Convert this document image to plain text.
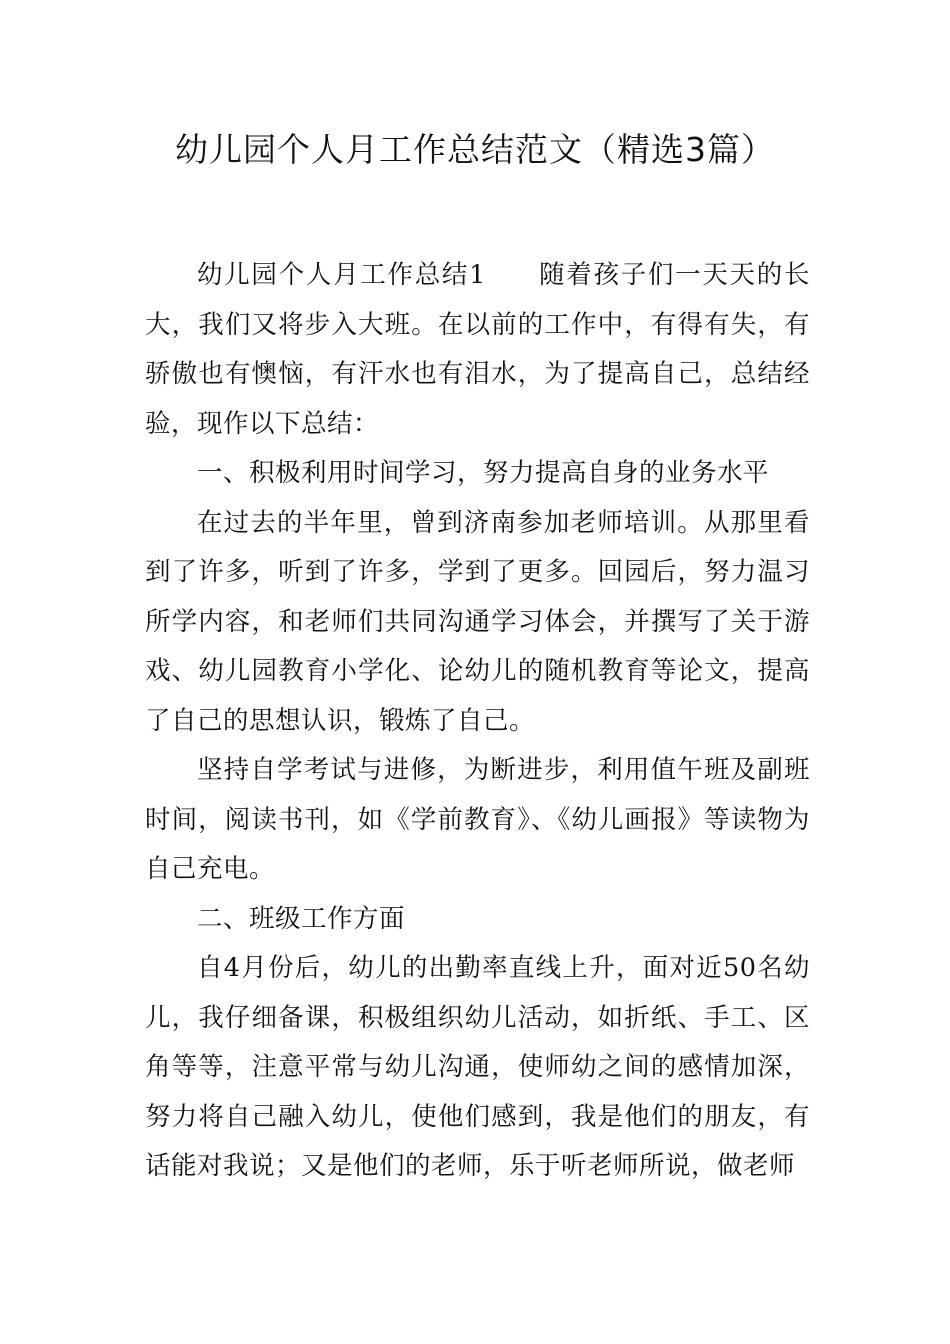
幼儿园个人月工作总结范文（精选3篇）

幼儿园个人月工作总结1 随着孩子们一天天的长大，我们又将步入大班。在以前的工作中，有得有失，有骄傲也有懊恼，有汗水也有泪水，为了提高自己，总结经验，现作以下总结：

一、积极利用时间学习，努力提高自身的业务水平

在过去的半年里，曾到济南参加老师培训。从那里看到了许多，听到了许多，学到了更多。回园后，努力温习所学内容，和老师们共同沟通学习体会，并撰写了关于游戏、幼儿园教育小学化、论幼儿的随机教育等论文，提高了自己的思想认识，锻炼了自己。

坚持自学考试与进修，为断进步，利用值午班及副班时间，阅读书刊，如《学前教育》、《幼儿画报》等读物为自己充电。

二、班级工作方面

自4月份后，幼儿的出勤率直线上升，面对近50名幼儿，我仔细备课，积极组织幼儿活动，如折纸、手工、区角等等，注意平常与幼儿沟通，使师幼之间的感情加深，努力将自己融入幼儿，使他们感到，我是他们的朋友，有话能对我说；又是他们的老师，乐于听老师所说，做老师
